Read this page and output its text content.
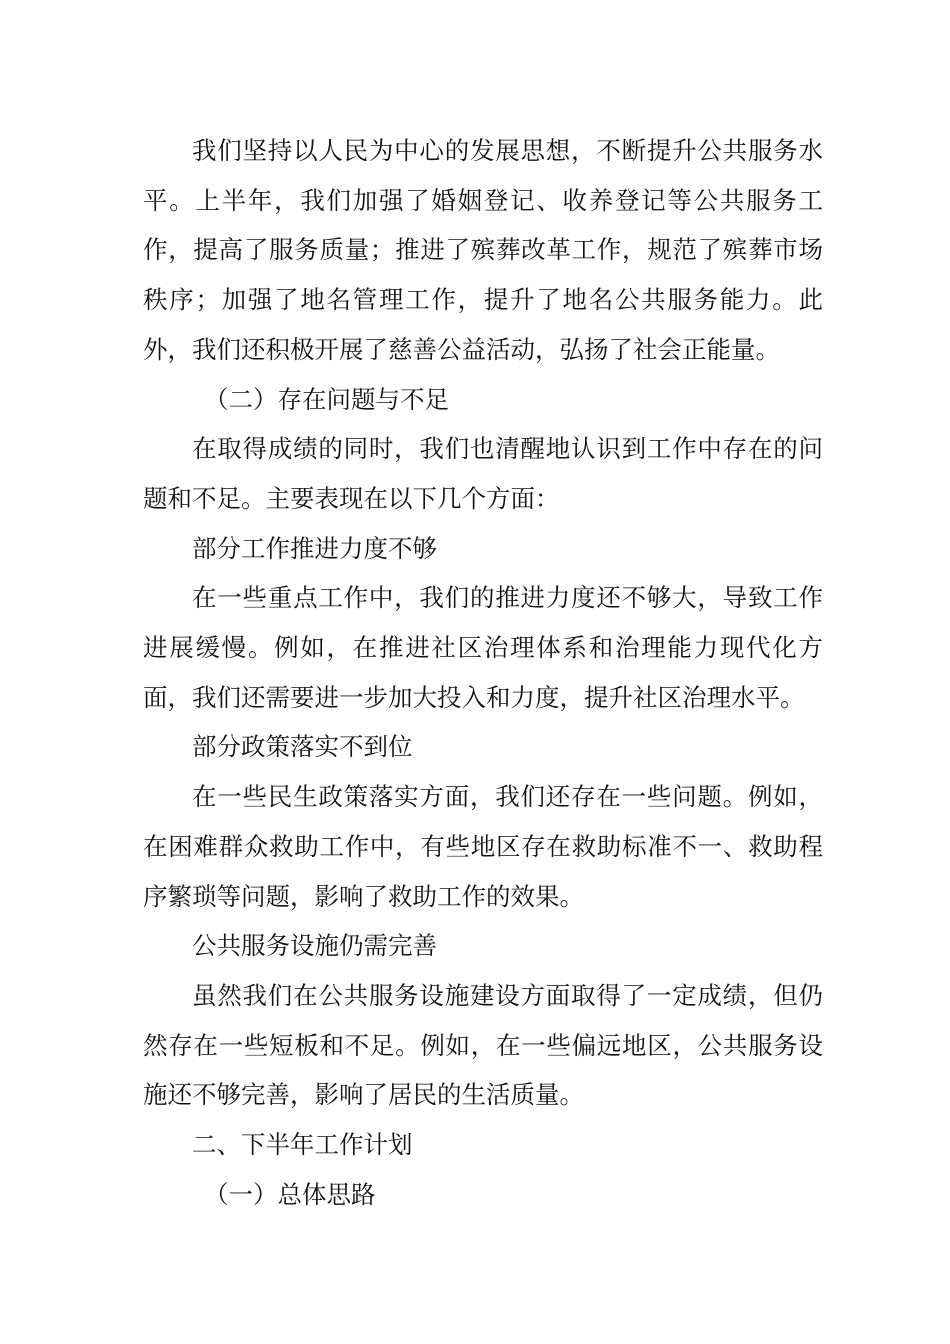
我们坚持以人民为中心的发展思想，不断提升公共服务水平。上半年，我们加强了婚姻登记、收养登记等公共服务工作，提高了服务质量；推进了殡葬改革工作，规范了殡葬市场秩序；加强了地名管理工作，提升了地名公共服务能力。此外，我们还积极开展了慈善公益活动，弘扬了社会正能量。

（二）存在问题与不足

在取得成绩的同时，我们也清醒地认识到工作中存在的问题和不足。主要表现在以下几个方面：

部分工作推进力度不够

在一些重点工作中，我们的推进力度还不够大，导致工作进展缓慢。例如，在推进社区治理体系和治理能力现代化方面，我们还需要进一步加大投入和力度，提升社区治理水平。

部分政策落实不到位

在一些民生政策落实方面，我们还存在一些问题。例如，在困难群众救助工作中，有些地区存在救助标准不一、救助程序繁琐等问题，影响了救助工作的效果。

公共服务设施仍需完善

虽然我们在公共服务设施建设方面取得了一定成绩，但仍然存在一些短板和不足。例如，在一些偏远地区，公共服务设施还不够完善，影响了居民的生活质量。

二、下半年工作计划

（一）总体思路
